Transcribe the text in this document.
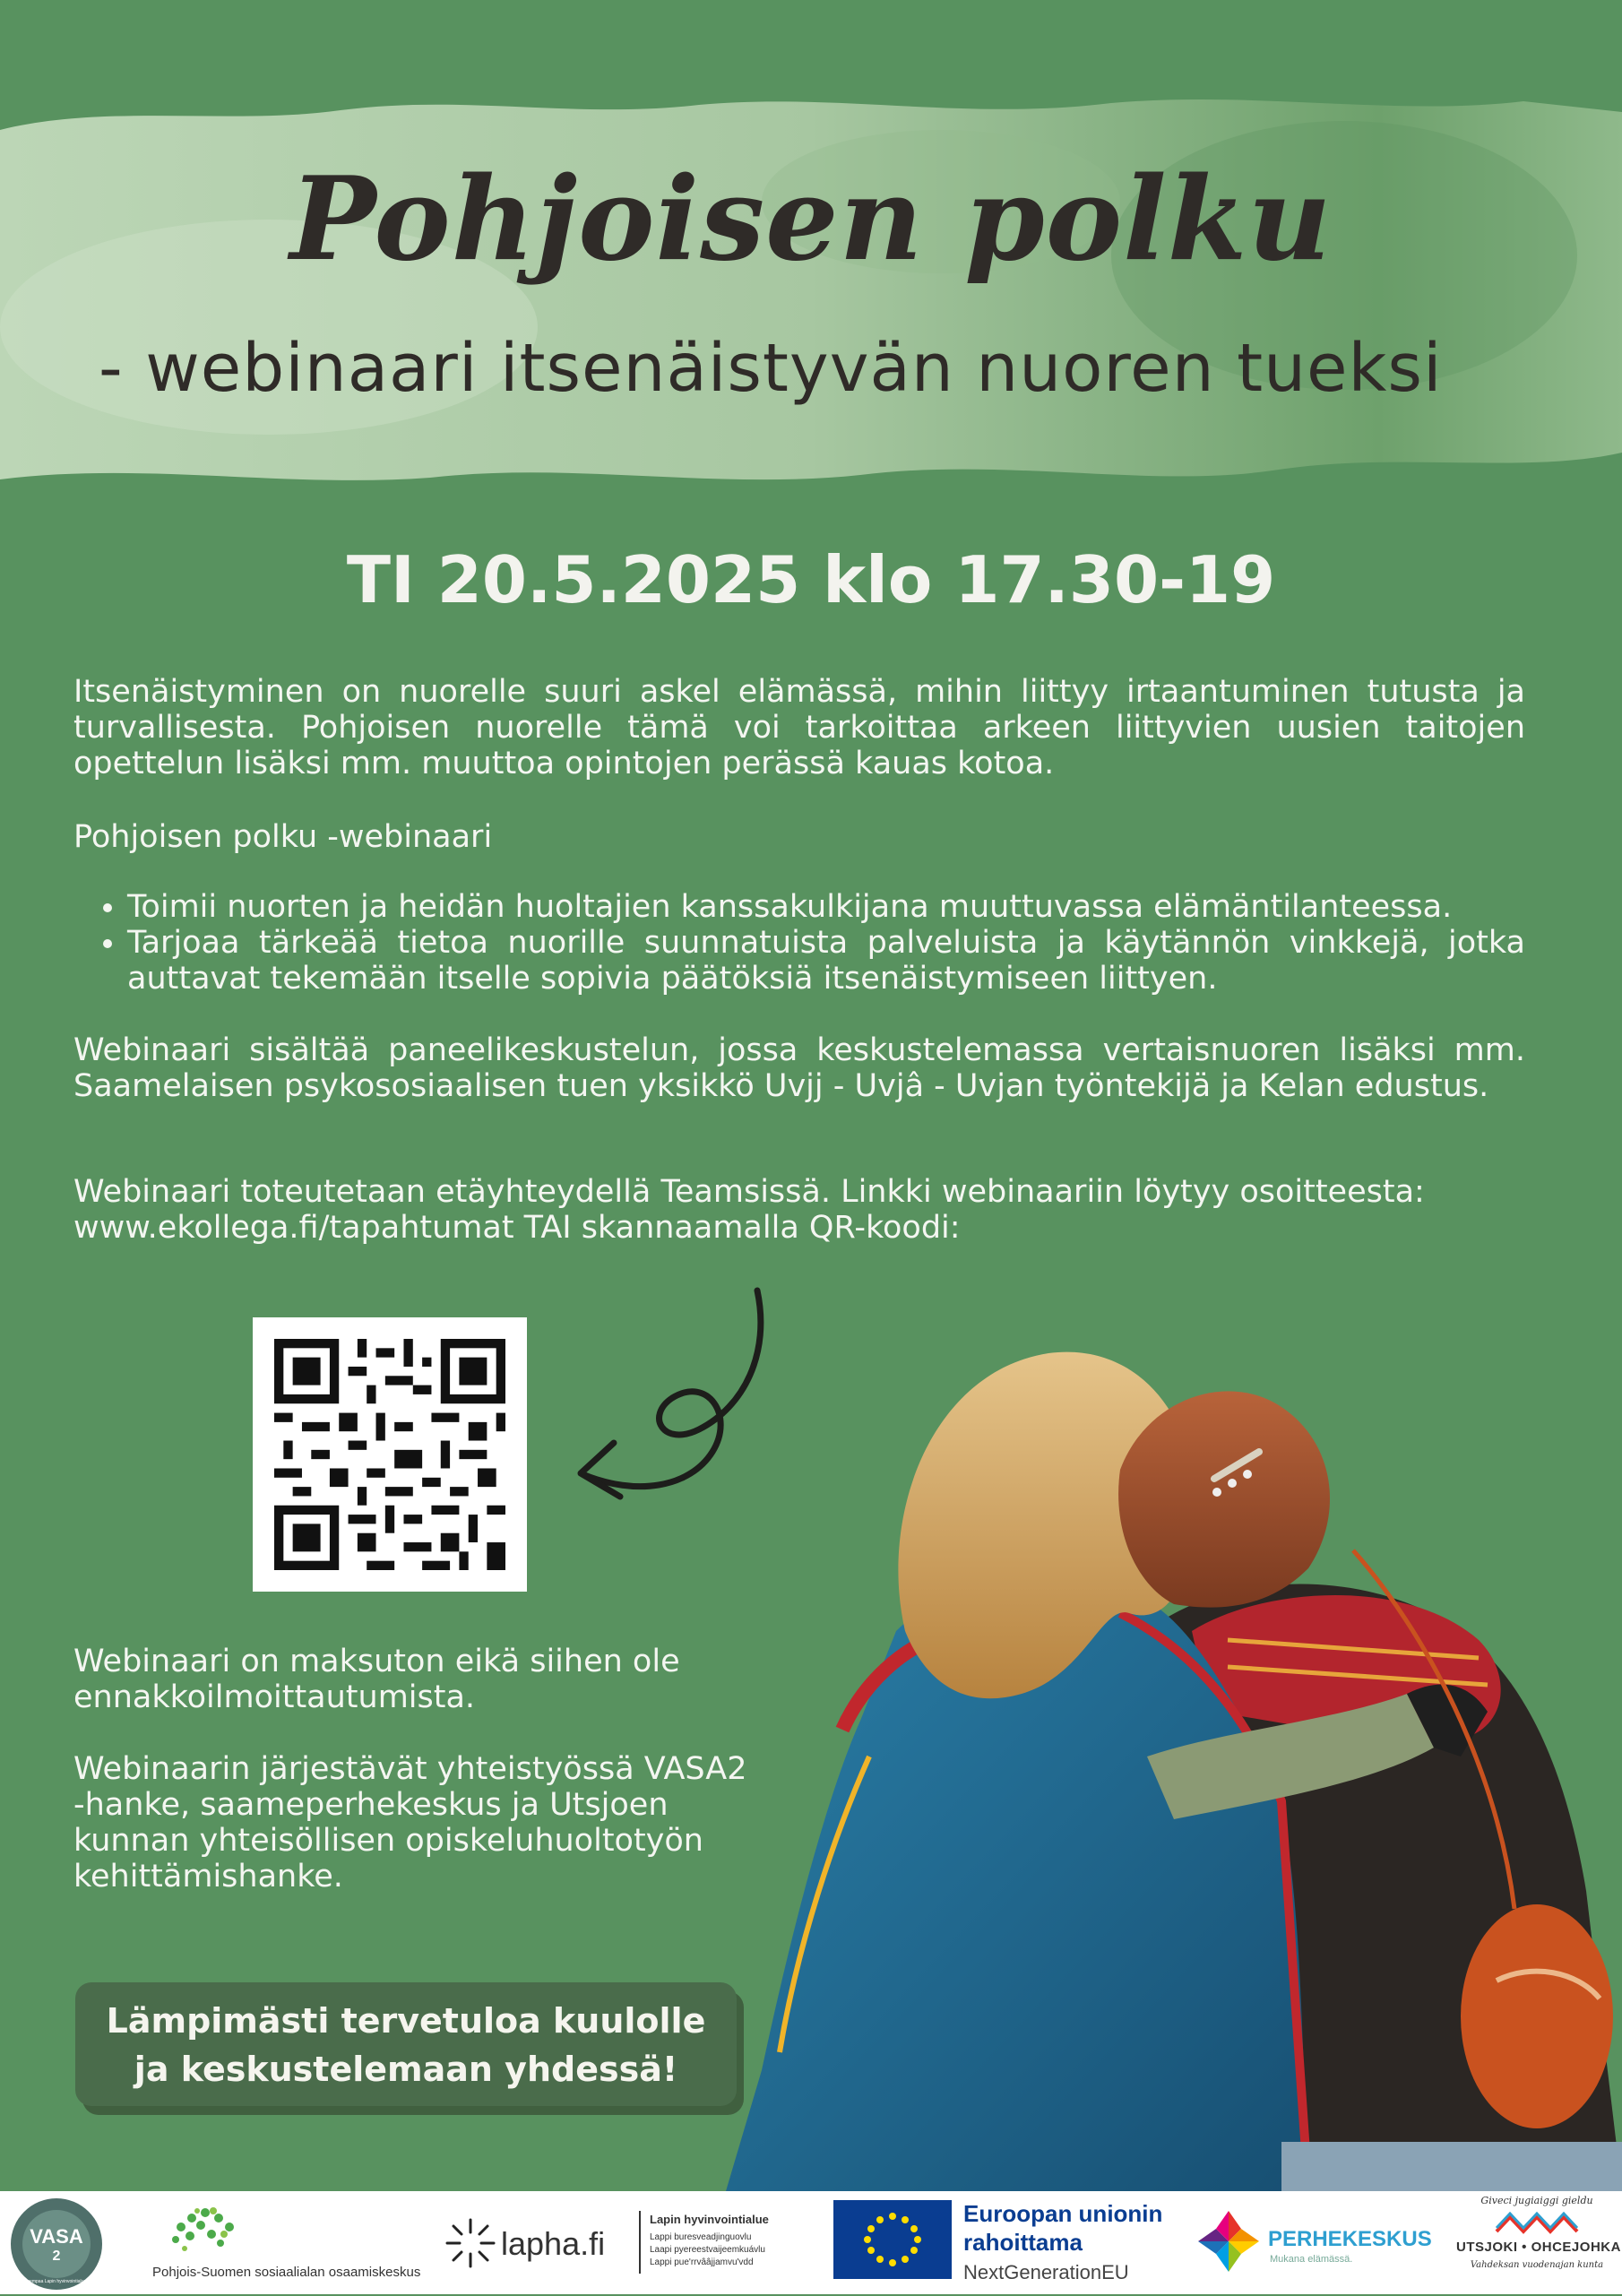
Pohjoisen polku
- webinaari itsenäistyvän nuoren tueksi
TI 20.5.2025 klo 17.30-19
Itsenäistyminen on nuorelle suuri askel elämässä, mihin liittyy irtaantuminen tutusta ja turvallisesta. Pohjoisen nuorelle tämä voi tarkoittaa arkeen liittyvien uusien taitojen opettelun lisäksi mm. muuttoa opintojen perässä kauas kotoa.
Pohjoisen polku -webinaari
• Toimii nuorten ja heidän huoltajien kanssakulkijana muuttuvassa elämäntilanteessa.
• Tarjoaa tärkeää tietoa nuorille suunnatuista palveluista ja käytännön vinkkejä, jotka auttavat tekemään itselle sopivia päätöksiä itsenäistymiseen liittyen.
Webinaari sisältää paneelikeskustelun, jossa keskustelemassa vertaisnuoren lisäksi mm. Saamelaisen psykososiaalisen tuen yksikkö Uvjj - Uvjâ - Uvjan työntekijä ja Kelan edustus.
Webinaari toteutetaan etäyhteydellä Teamsissä. Linkki webinaariin löytyy osoitteesta: www.ekollega.fi/tapahtumat TAI skannaamalla QR-koodi:
Webinaari on maksuton eikä siihen ole ennakkoilmoittautumista.
Webinaarin järjestävät yhteistyössä VASA2 -hanke, saameperhekeskus ja Utsjoen kunnan yhteisöllisen opiskeluhuoltotyön kehittämishanke.
Lämpimästi tervetuloa kuulolle
ja keskustelemaan yhdessä!
VASA
2
Vahvempaa Lapin hyvinvointialueella
Pohjois-Suomen sosiaalialan osaamiskeskus
lapha.fi
Lapin hyvinvointialue
Lappi buresveadjinguovlu
Laapi pyereestvaijeemkuávlu
Lappi pue'rrvââjjamvu'vdd
Euroopan unionin
rahoittama
NextGenerationEU
PERHEKESKUS
Mukana elämässä.
Giveci jugiaiggi gieldu
UTSJOKI • OHCEJOHKA
Vahdeksan vuodenajan kunta
